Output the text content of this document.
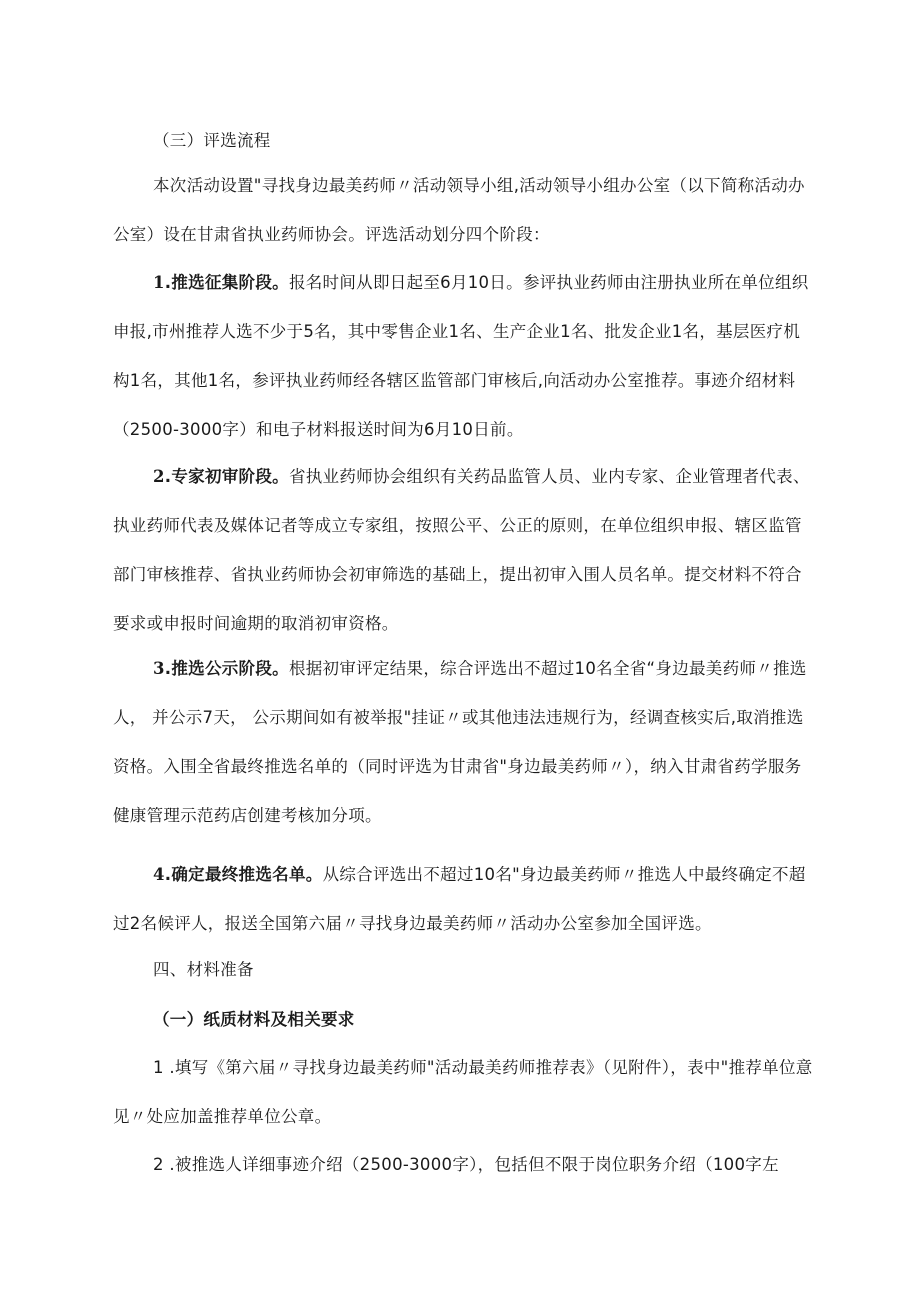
（三）评选流程

本次活动设置"寻找身边最美药师〃活动领导小组,活动领导小组办公室（以下简称活动办公室）设在甘肃省执业药师协会。评选活动划分四个阶段：

1.推选征集阶段。报名时间从即日起至6月10日。参评执业药师由注册执业所在单位组织申报,市州推荐人选不少于5名，其中零售企业1名、生产企业1名、批发企业1名，基层医疗机构1名，其他1名，参评执业药师经各辖区监管部门审核后,向活动办公室推荐。事迹介绍材料（2500-3000字）和电子材料报送时间为6月10日前。

2.专家初审阶段。省执业药师协会组织有关药品监管人员、业内专家、企业管理者代表、执业药师代表及媒体记者等成立专家组，按照公平、公正的原则，在单位组织申报、辖区监管部门审核推荐、省执业药师协会初审筛选的基础上，提出初审入围人员名单。提交材料不符合要求或申报时间逾期的取消初审资格。

3.推选公示阶段。根据初审评定结果，综合评选出不超过10名全省“身边最美药师〃推选人， 并公示7天， 公示期间如有被举报"挂证〃或其他违法违规行为，经调查核实后,取消推选资格。入围全省最终推选名单的（同时评选为甘肃省"身边最美药师〃），纳入甘肃省药学服务健康管理示范药店创建考核加分项。

4.确定最终推选名单。从综合评选出不超过10名"身边最美药师〃推选人中最终确定不超过2名候评人，报送全国第六届〃寻找身边最美药师〃活动办公室参加全国评选。

四、材料准备

（一）纸质材料及相关要求

1 .填写《第六届〃寻找身边最美药师"活动最美药师推荐表》（见附件），表中"推荐单位意见〃处应加盖推荐单位公章。

2 .被推选人详细事迹介绍（2500-3000字），包括但不限于岗位职务介绍（100字左
